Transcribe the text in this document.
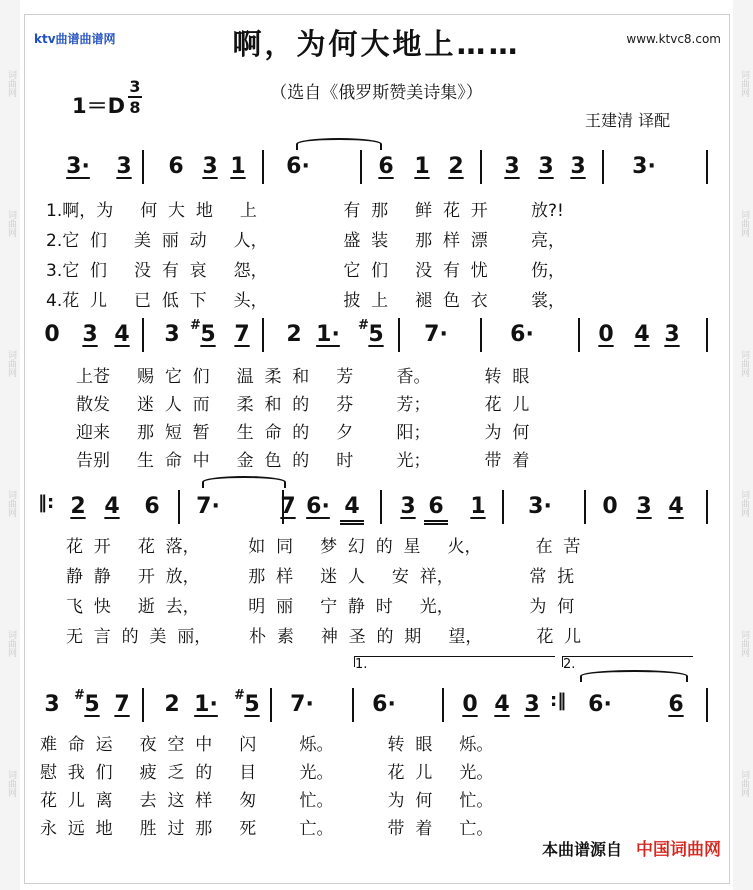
词曲网
词曲网
词曲网
词曲网
词曲网
词曲网
词曲网
词曲网
词曲网
词曲网
词曲网
词曲网
ktv曲谱曲谱网	www.ktvc8.com
啊，为何大地上……
（选自《俄罗斯赞美诗集》）
1＝D
3
8
王建清 译配
3· 3 6 3 1 6·	6 1 2 3 3 3 3·
1.啊，为     何  大  地     上                有  那     鲜  花  开        放?!
2.它  们     美  丽  动     人，              盛  装     那  样  漂        亮，
3.它  们     没  有  哀     怨，              它  们     没  有  忧        伤，
4.花  儿     已  低  下     头，              披  上     褪  色  衣        裳，
0 3 4 3 # 5 7 2 1· # 5 7·	6·	0 4 3
上苍     赐  它  们     温  柔  和     芳        香。          转  眼
散发     迷  人  而     柔  和  的     芬        芳；          花  儿
迎来     那  短  暂     生  命  的     夕        阳；          为  何
告别     生  命  中     金  色  的     时        光；          带  着
‖: 2 4 6 7·	7 6· 4 3 6 1 3· 0 3 4
花  开     花  落，         如  同     梦  幻  的  星     火，          在  苦
静  静     开  放，         那  样     迷  人     安  祥，              常  抚
飞  快     逝  去，         明  丽     宁  静  时     光，              为  何
无  言  的  美  丽，       朴  素     神  圣  的  期     望，          花  儿
1.	2.
:‖
3	# 5 7 2 1· # 5 7·	6·	0 4 3 6·	6
难  命  运     夜  空  中     闪        烁。          转  眼     烁。
慰  我  们     疲  乏  的     目        光。          花  儿     光。
花  儿  离     去  这  样     匆        忙。          为  何     忙。
永  远  地     胜  过  那     死        亡。          带  着     亡。
本曲谱源自 中国词曲网
